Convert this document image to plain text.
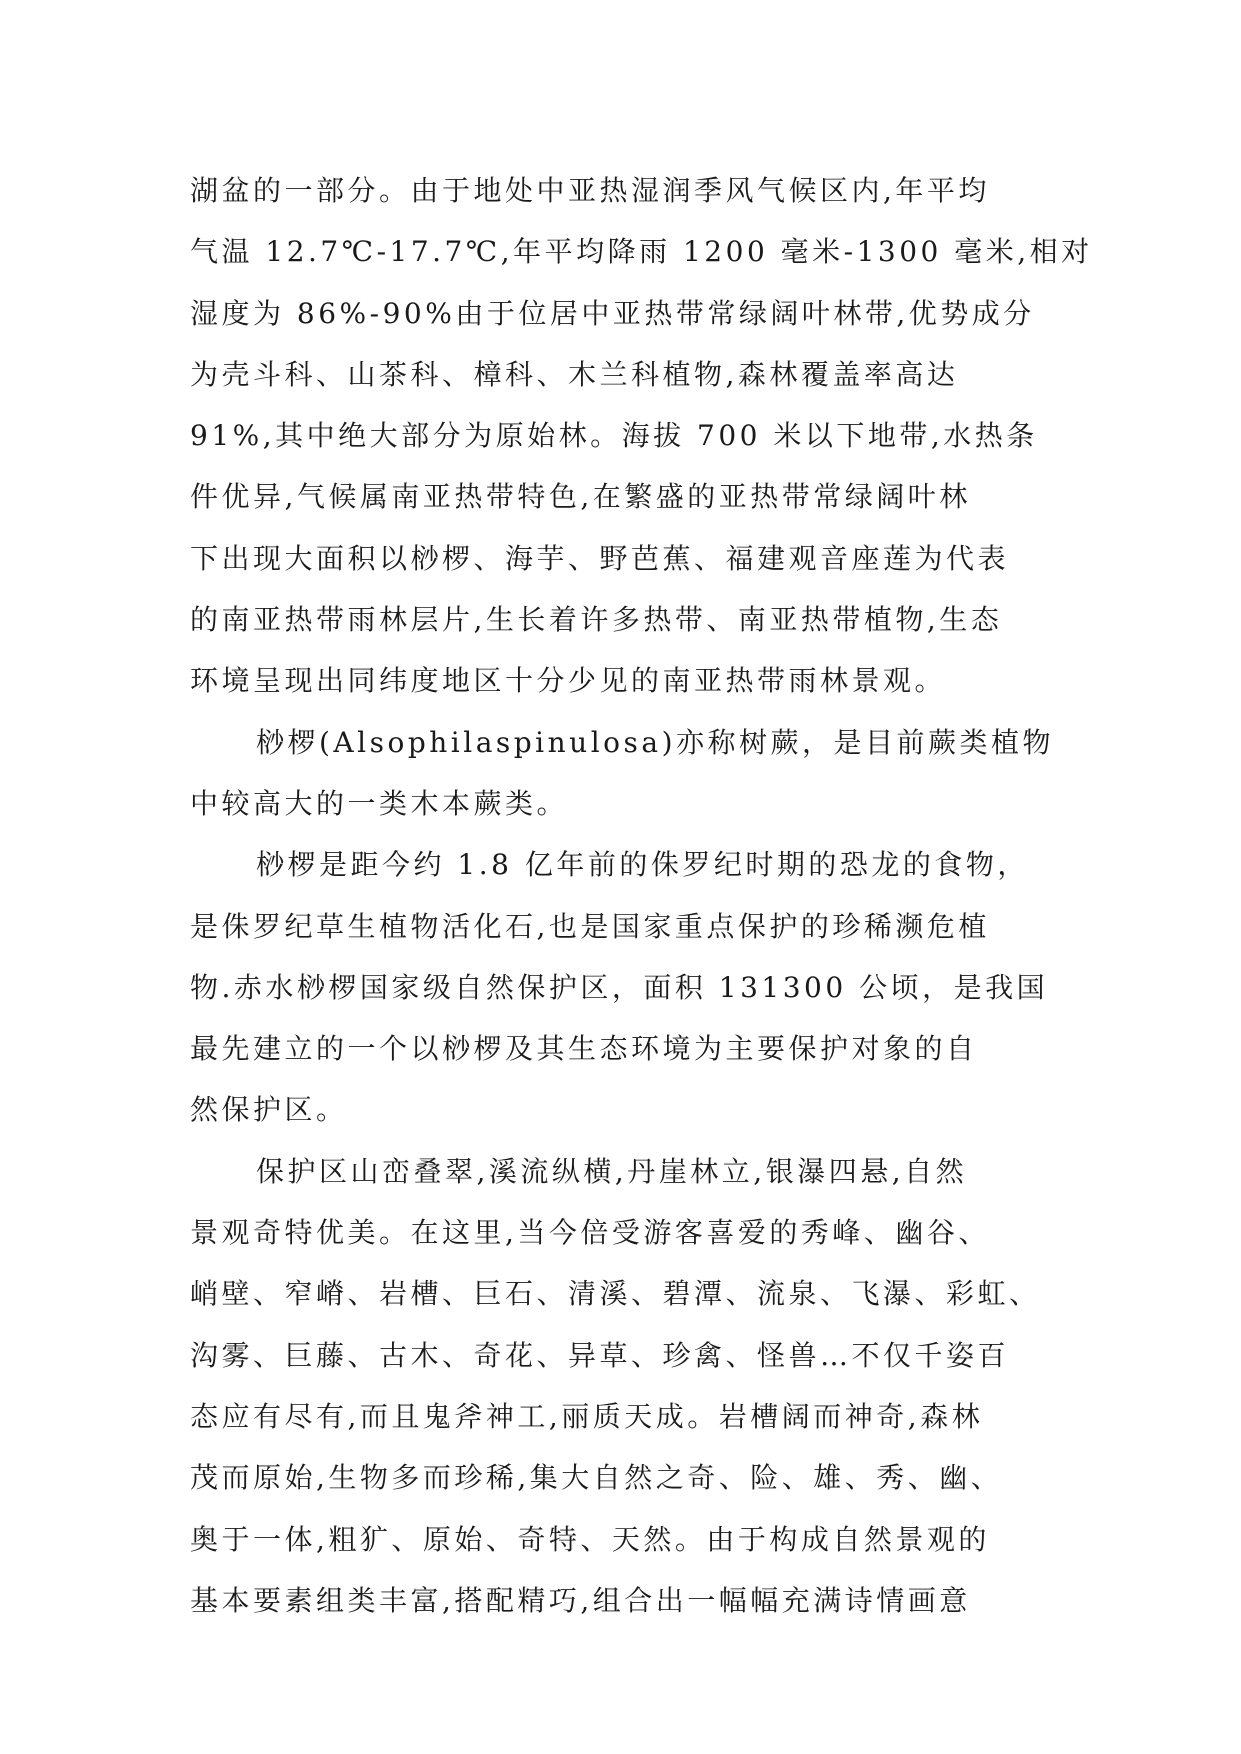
湖盆的一部分。由于地处中亚热湿润季风气候区内,年平均
气温 12.7℃-17.7℃,年平均降雨 1200 毫米-1300 毫米,相对
湿度为 86%-90%由于位居中亚热带常绿阔叶林带,优势成分
为壳斗科、山茶科、樟科、木兰科植物,森林覆盖率高达
91%,其中绝大部分为原始林。海拔 700 米以下地带,水热条
件优异,气候属南亚热带特色,在繁盛的亚热带常绿阔叶林
下出现大面积以桫椤、海芋、野芭蕉、福建观音座莲为代表
的南亚热带雨林层片,生长着许多热带、南亚热带植物,生态
环境呈现出同纬度地区十分少见的南亚热带雨林景观。
桫椤(Alsophilaspinulosa)亦称树蕨，是目前蕨类植物
中较高大的一类木本蕨类。
桫椤是距今约 1.8 亿年前的侏罗纪时期的恐龙的食物，
是侏罗纪草生植物活化石,也是国家重点保护的珍稀濒危植
物.赤水桫椤国家级自然保护区，面积 131300 公顷，是我国
最先建立的一个以桫椤及其生态环境为主要保护对象的自
然保护区。
保护区山峦叠翠,溪流纵横,丹崖林立,银瀑四悬,自然
景观奇特优美。在这里,当今倍受游客喜爱的秀峰、幽谷、
峭壁、窄嵴、岩槽、巨石、清溪、碧潭、流泉、飞瀑、彩虹、
沟雾、巨藤、古木、奇花、异草、珍禽、怪兽…不仅千姿百
态应有尽有,而且鬼斧神工,丽质天成。岩槽阔而神奇,森林
茂而原始,生物多而珍稀,集大自然之奇、险、雄、秀、幽、
奥于一体,粗犷、原始、奇特、天然。由于构成自然景观的
基本要素组类丰富,搭配精巧,组合出一幅幅充满诗情画意
